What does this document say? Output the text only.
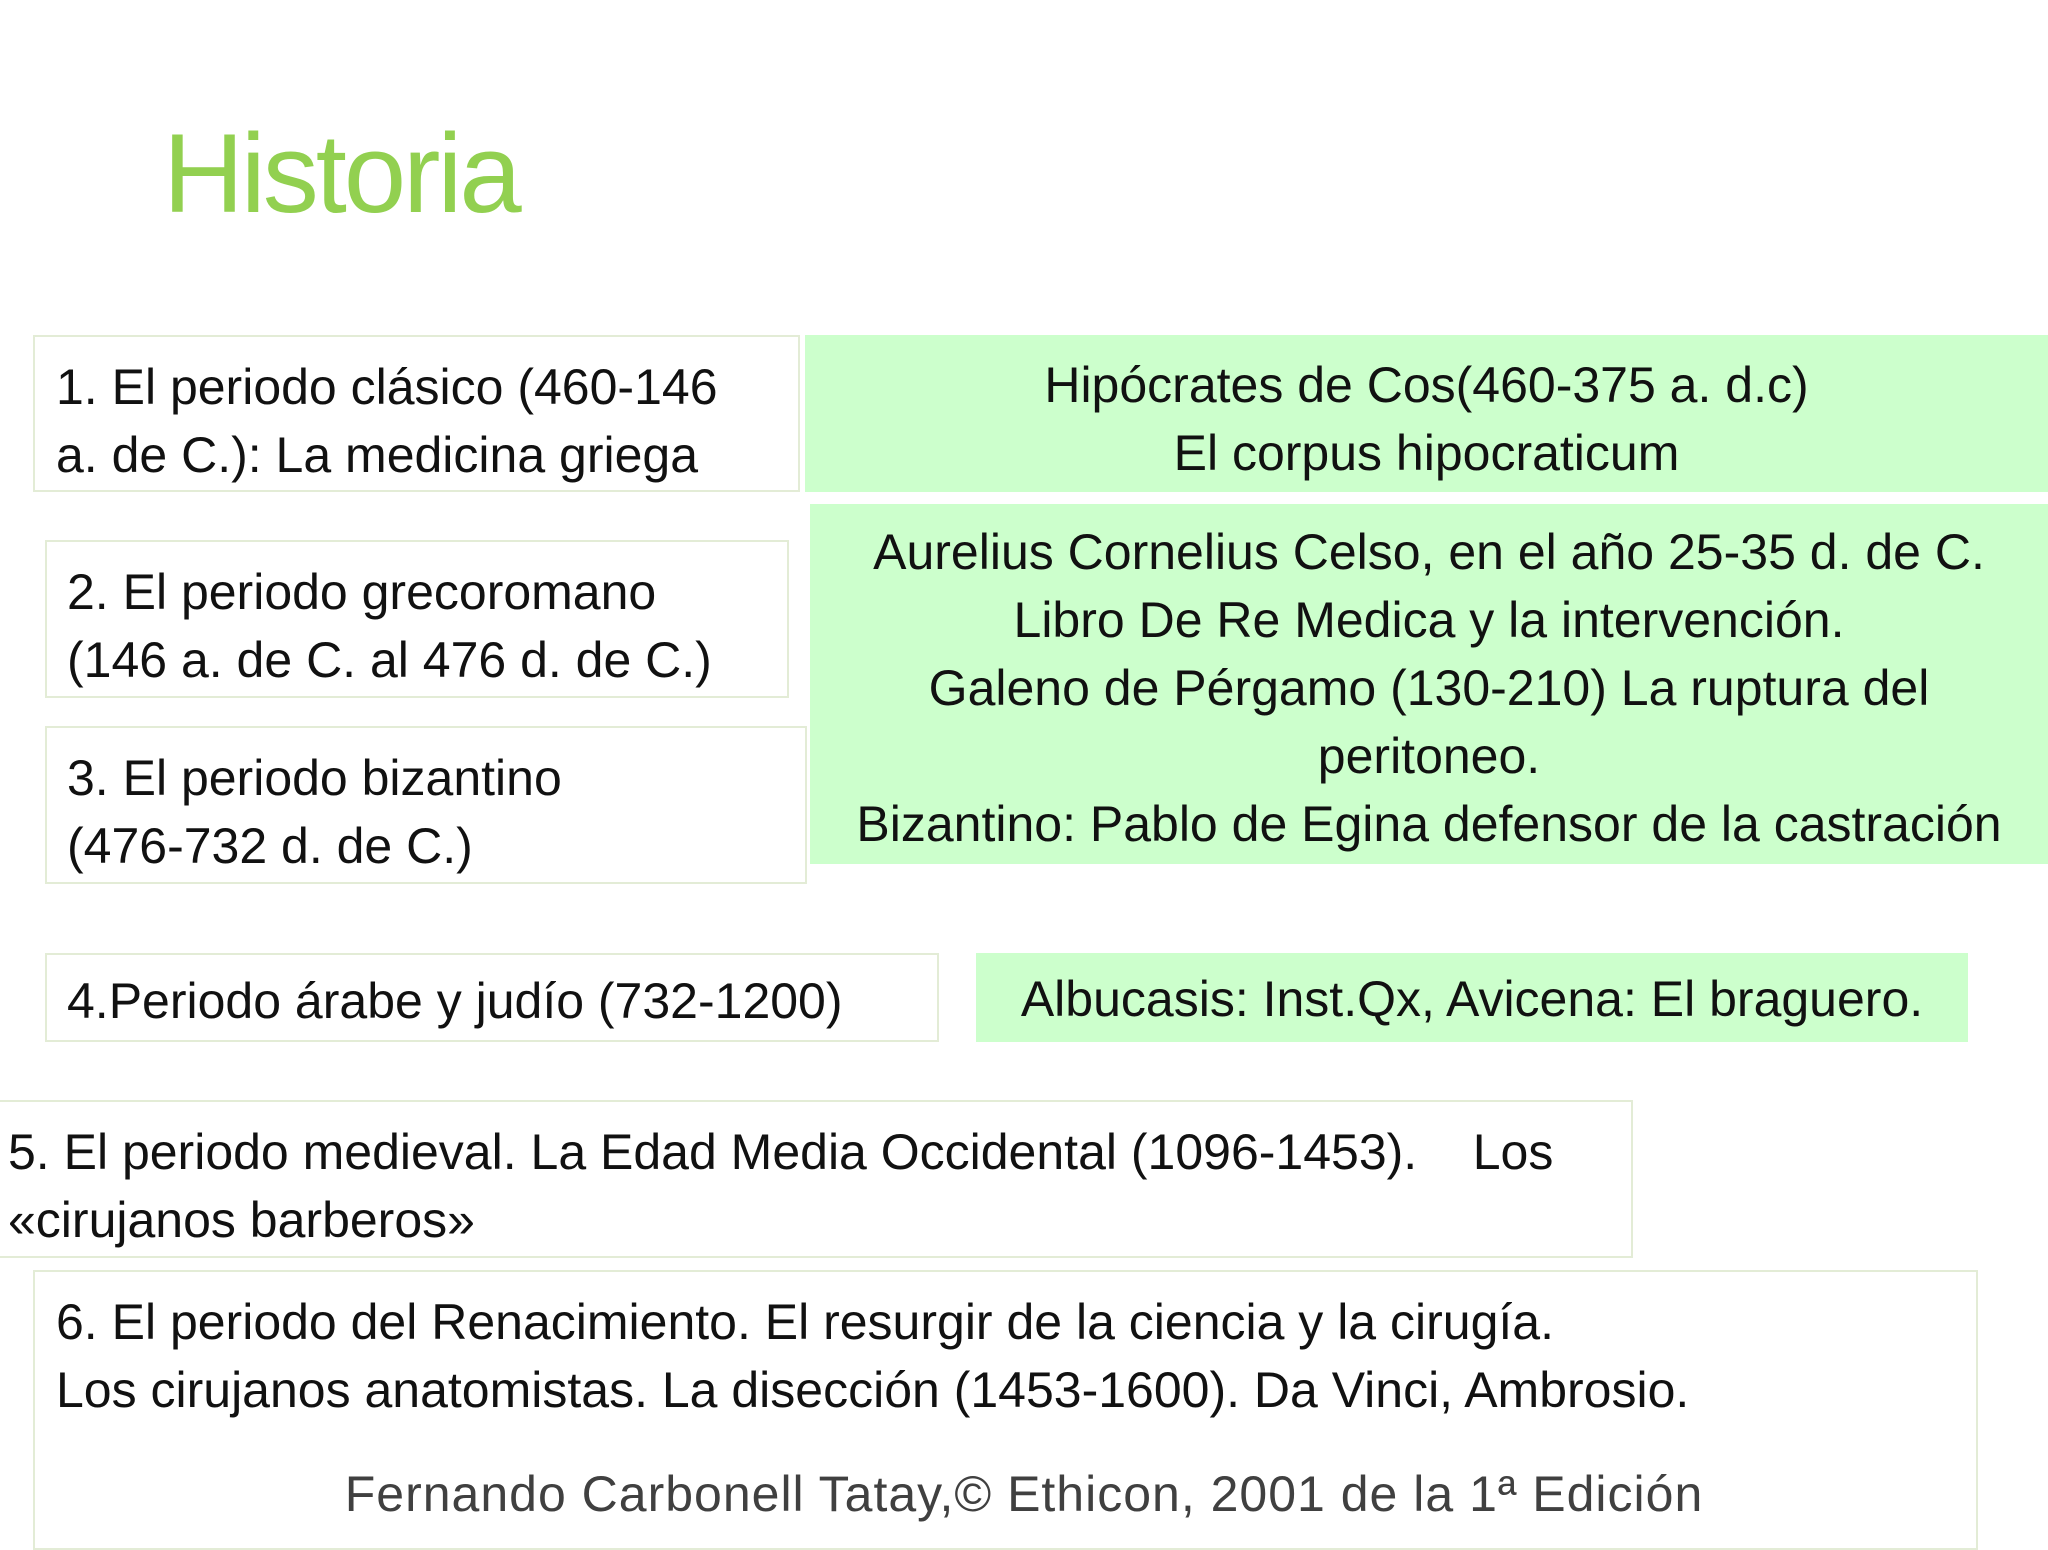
Historia
1. El periodo clásico (460-146
a. de C.): La medicina griega
Hipócrates de Cos(460-375 a. d.c)
El corpus hipocraticum
2. El periodo grecoromano
(146 a. de C. al 476 d. de C.)
3. El periodo bizantino
(476-732 d. de C.)
Aurelius Cornelius Celso, en el año 25-35 d. de C.
Libro De Re Medica y la intervención.
Galeno de Pérgamo (130-210) La ruptura del
peritoneo.
Bizantino: Pablo de Egina defensor de la castración
4.Periodo árabe y judío (732-1200)	Albucasis: Inst.Qx, Avicena: El braguero.
5. El periodo medieval. La Edad Media Occidental (1096-1453).    Los
«cirujanos barberos»
6. El periodo del Renacimiento. El resurgir de la ciencia y la cirugía.
Los cirujanos anatomistas. La disección (1453-1600). Da Vinci, Ambrosio.
Fernando Carbonell Tatay,© Ethicon, 2001 de la 1ª Edición
